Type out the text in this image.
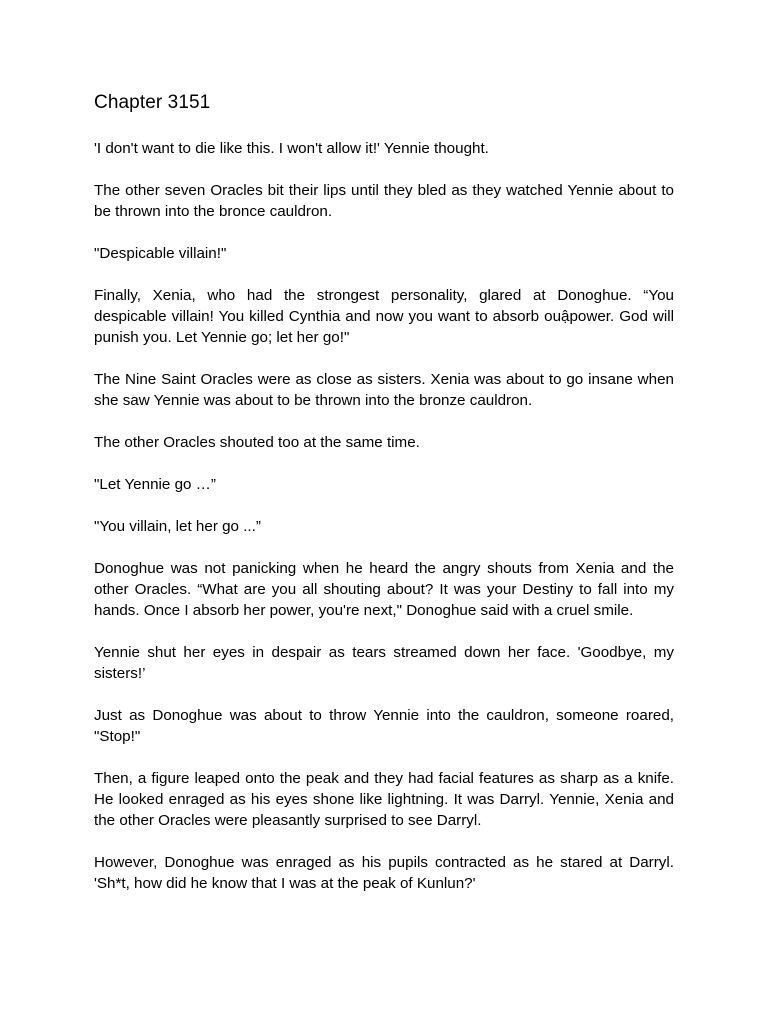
Chapter 3151

'I don't want to die like this. I won't allow it!' Yennie thought.

The other seven Oracles bit their lips until they bled as they watched Yennie about to be thrown into the bronce cauldron.

"Despicable villain!"

Finally, Xenia, who had the strongest personality, glared at Donoghue. “You despicable villain! You killed Cynthia and now you want to absorb ouậpower. God will punish you. Let Yennie go; let her go!"

The Nine Saint Oracles were as close as sisters. Xenia was about to go insane when she saw Yennie was about to be thrown into the bronze cauldron.

The other Oracles shouted too at the same time.

"Let Yennie go …”

"You villain, let her go ...”

Donoghue was not panicking when he heard the angry shouts from Xenia and the other Oracles. “What are you all shouting about? It was your Destiny to fall into my hands. Once I absorb her power, you're next," Donoghue said with a cruel smile.

Yennie shut her eyes in despair as tears streamed down her face. 'Goodbye, my sisters!’

Just as Donoghue was about to throw Yennie into the cauldron, someone roared, "Stop!"

Then, a figure leaped onto the peak and they had facial features as sharp as a knife. He looked enraged as his eyes shone like lightning. It was Darryl. Yennie, Xenia and the other Oracles were pleasantly surprised to see Darryl.

However, Donoghue was enraged as his pupils contracted as he stared at Darryl. 'Sh*t, how did he know that I was at the peak of Kunlun?'
